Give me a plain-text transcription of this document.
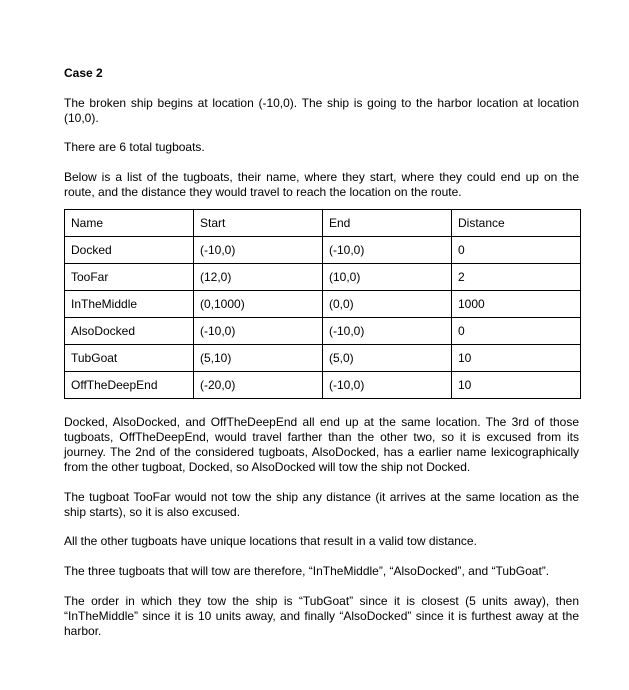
Case 2

The broken ship begins at location (-10,0). The ship is going to the harbor location at location (10,0).

There are 6 total tugboats.

Below is a list of the tugboats, their name, where they start, where they could end up on the route, and the distance they would travel to reach the location on the route.

Name	Start	End	Distance
Docked	(-10,0)	(-10,0)	0
TooFar	(12,0)	(10,0)	2
InTheMiddle	(0,1000)	(0,0)	1000
AlsoDocked	(-10,0)	(-10,0)	0
TubGoat	(5,10)	(5,0)	10
OffTheDeepEnd	(-20,0)	(-10,0)	10

Docked, AlsoDocked, and OffTheDeepEnd all end up at the same location. The 3rd of those tugboats, OffTheDeepEnd, would travel farther than the other two, so it is excused from its journey. The 2nd of the considered tugboats, AlsoDocked, has a earlier name lexicographically from the other tugboat, Docked, so AlsoDocked will tow the ship not Docked.

The tugboat TooFar would not tow the ship any distance (it arrives at the same location as the ship starts), so it is also excused.

All the other tugboats have unique locations that result in a valid tow distance.

The three tugboats that will tow are therefore, “InTheMiddle”, “AlsoDocked”, and “TubGoat”.

The order in which they tow the ship is “TubGoat” since it is closest (5 units away), then “InTheMiddle” since it is 10 units away, and finally “AlsoDocked” since it is furthest away at the harbor.
